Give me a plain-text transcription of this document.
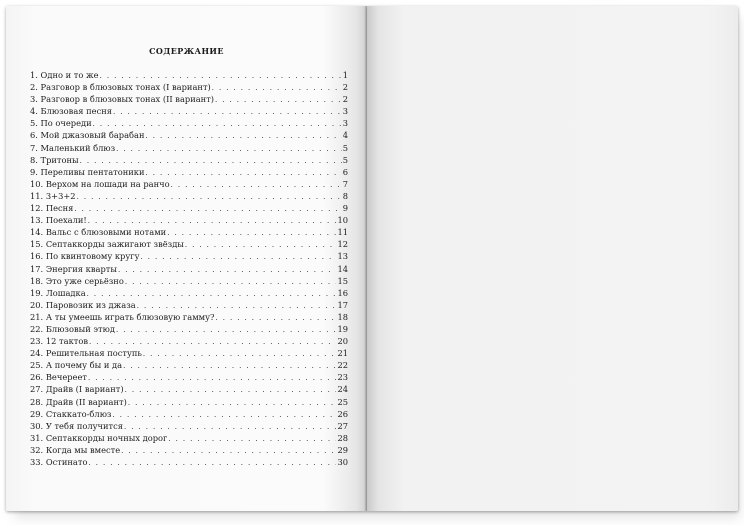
СОДЕРЖАНИЕ
1. Одно и то же . . .	1
2. Разговор в блюзовых тонах (I вариант) . . .	2
3. Разговор в блюзовых тонах (II вариант) . . .	2
4. Блюзовая песня . . .	3
5. По очереди . . .	3
6. Мой джазовый барабан . . .	4
7. Маленький блюз . . .	5
8. Тритоны . . .	5
9. Переливы пентатоники . . .	6
10. Верхом на лошади на ранчо . . .	7
11. 3+3+2 . . .	8
12. Песня . . .	9
13. Поехали! . . .	10
14. Вальс с блюзовыми нотами . . .	11
15. Септаккорды зажигают звёзды . . .	12
16. По квинтовому кругу . . .	13
17. Энергия кварты . . .	14
18. Это уже серьёзно . . .	15
19. Лошадка . . .	16
20. Паровозик из джаза . . .	17
21. А ты умеешь играть блюзовую гамму? . . .	18
22. Блюзовый этюд . . .	19
23. 12 тактов . . .	20
24. Решительная поступь . . .	21
25. А почему бы и да . . .	22
26. Вечереет . . .	23
27. Драйв (I вариант) . . .	24
28. Драйв (II вариант) . . .	25
29. Стаккато-блюз . . .	26
30. У тебя получится . . .	27
31. Септаккорды ночных дорог . . .	28
32. Когда мы вместе . . .	29
33. Остинато . . .	30
